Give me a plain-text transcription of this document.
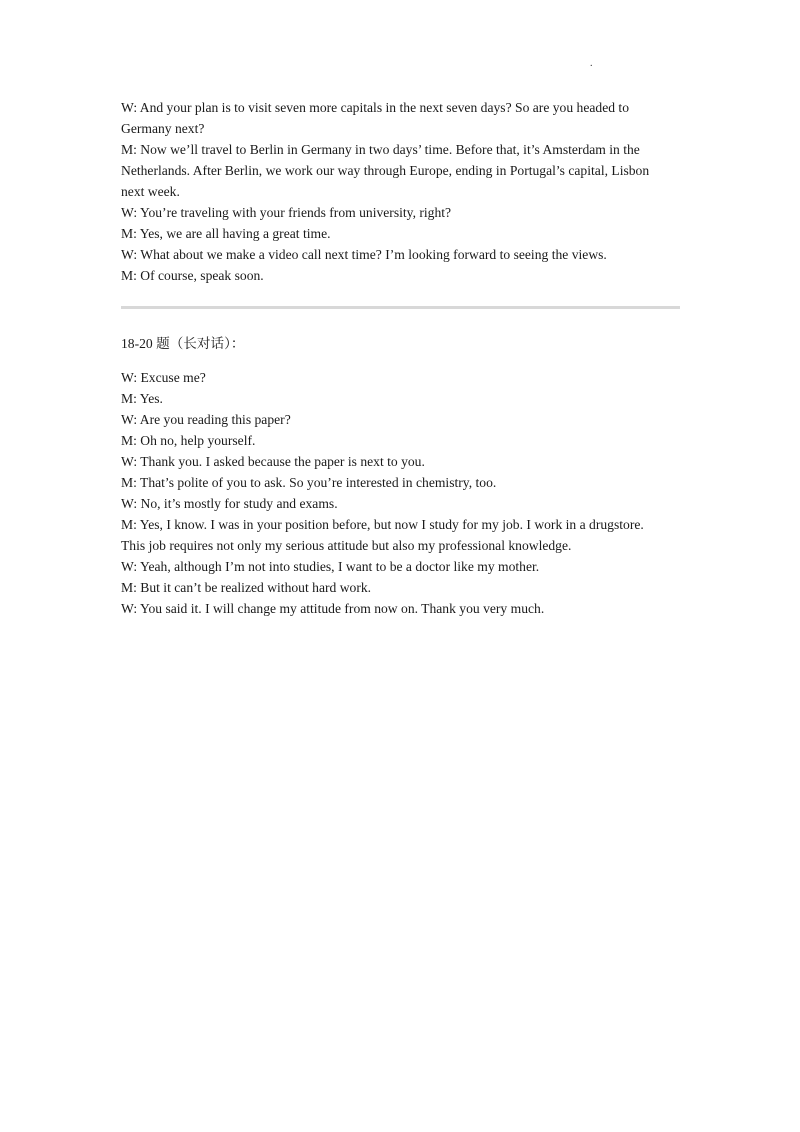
.

W: And your plan is to visit seven more capitals in the next seven days? So are you headed to

Germany next?

M: Now we’ll travel to Berlin in Germany in two days’ time. Before that, it’s Amsterdam in the

Netherlands. After Berlin, we work our way through Europe, ending in Portugal’s capital, Lisbon

next week.

W: You’re traveling with your friends from university, right?

M: Yes, we are all having a great time.

W: What about we make a video call next time? I’m looking forward to seeing the views.

M: Of course, speak soon.

18-20 题（长对话）：

W: Excuse me?

M: Yes.

W: Are you reading this paper?

M: Oh no, help yourself.

W: Thank you. I asked because the paper is next to you.

M: That’s polite of you to ask. So you’re interested in chemistry, too.

W: No, it’s mostly for study and exams.

M: Yes, I know. I was in your position before, but now I study for my job. I work in a drugstore.

This job requires not only my serious attitude but also my professional knowledge.

W: Yeah, although I’m not into studies, I want to be a doctor like my mother.

M: But it can’t be realized without hard work.

W: You said it. I will change my attitude from now on. Thank you very much.
